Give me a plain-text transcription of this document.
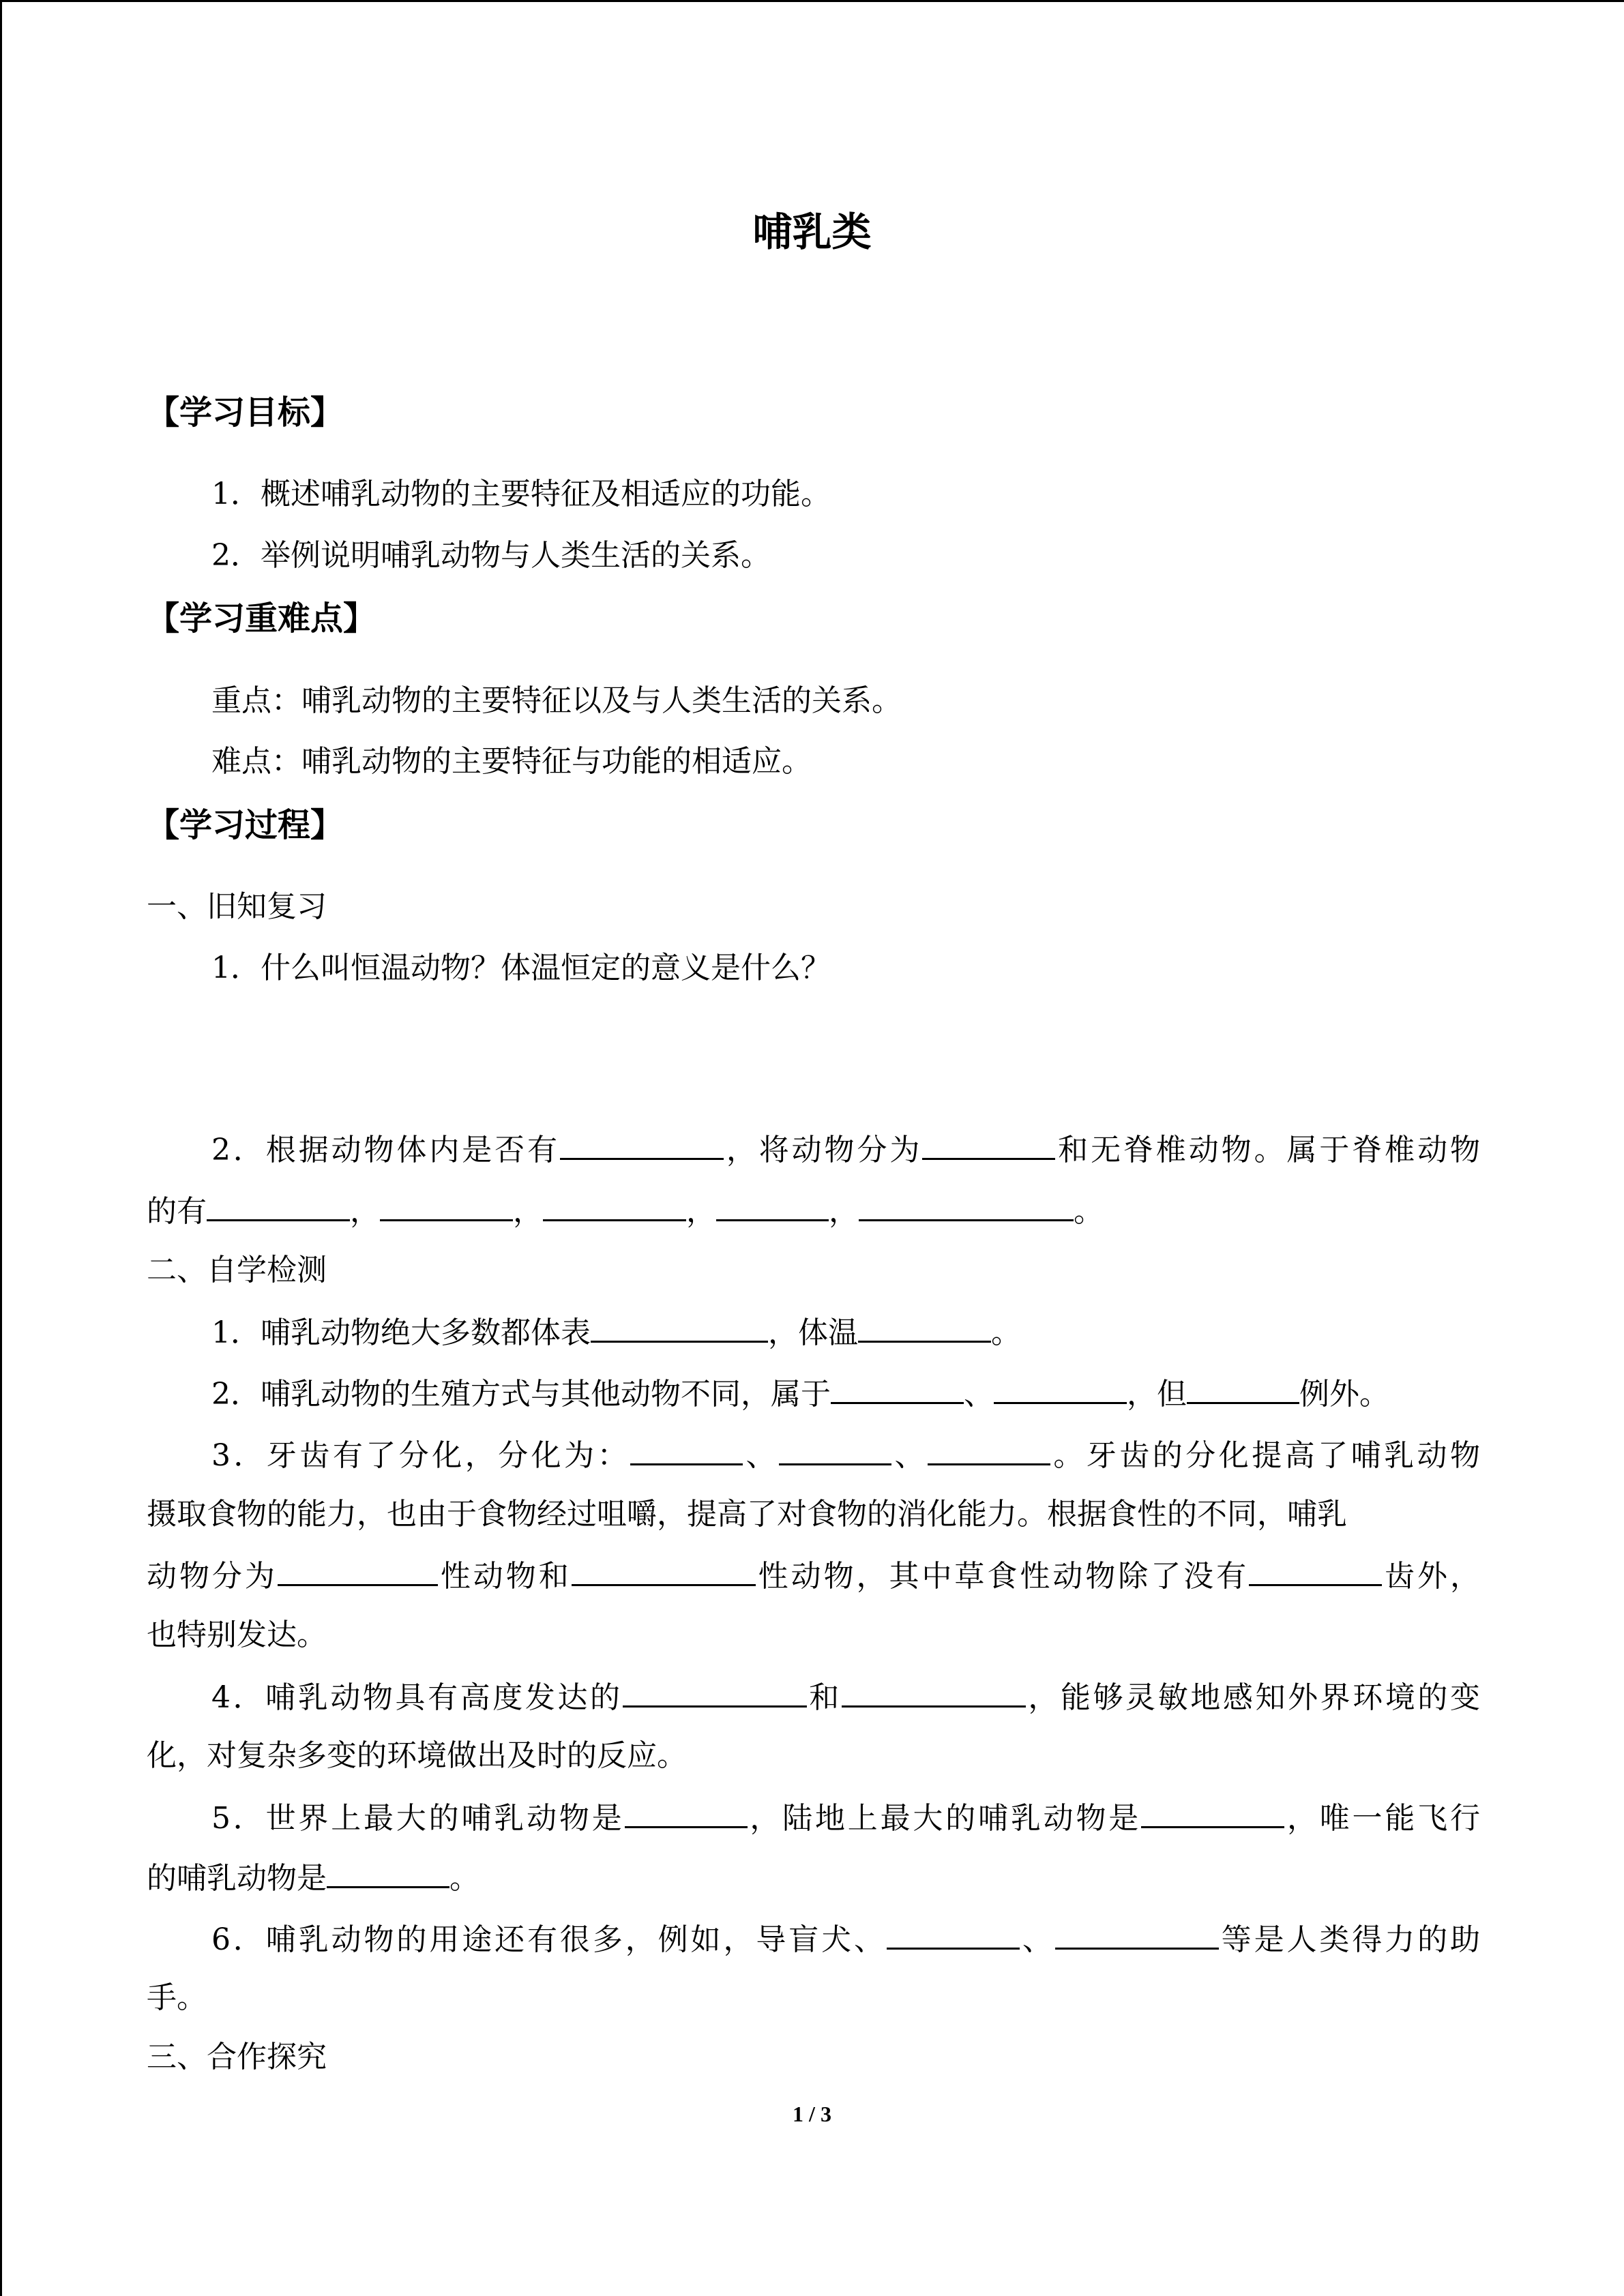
哺乳类
【学习目标】
1．概述哺乳动物的主要特征及相适应的功能。
2．举例说明哺乳动物与人类生活的关系。
【学习重难点】
重点：哺乳动物的主要特征以及与人类生活的关系。
难点：哺乳动物的主要特征与功能的相适应。
【学习过程】
一、旧知复习
1．什么叫恒温动物？体温恒定的意义是什么？
2．根据动物体内是否有	，将动物分为	和无脊椎动物。属于脊椎动物
的有	，	，	，	，	。
二、自学检测
1．哺乳动物绝大多数都体表	，体温	。
2．哺乳动物的生殖方式与其他动物不同，属于	、	，但	例外。
3．牙齿有了分化，分化为：	、	、	。牙齿的分化提高了哺乳动物
摄取食物的能力，也由于食物经过咀嚼，提高了对食物的消化能力。根据食性的不同，哺乳
动物分为	性动物和	性动物，其中草食性动物除了没有	齿外，
也特别发达。
4．哺乳动物具有高度发达的	和	，能够灵敏地感知外界环境的变
化，对复杂多变的环境做出及时的反应。
5．世界上最大的哺乳动物是	，陆地上最大的哺乳动物是	，唯一能飞行
的哺乳动物是	。
6．哺乳动物的用途还有很多，例如，导盲犬、	、	等是人类得力的助
手。
三、合作探究
1 / 3
